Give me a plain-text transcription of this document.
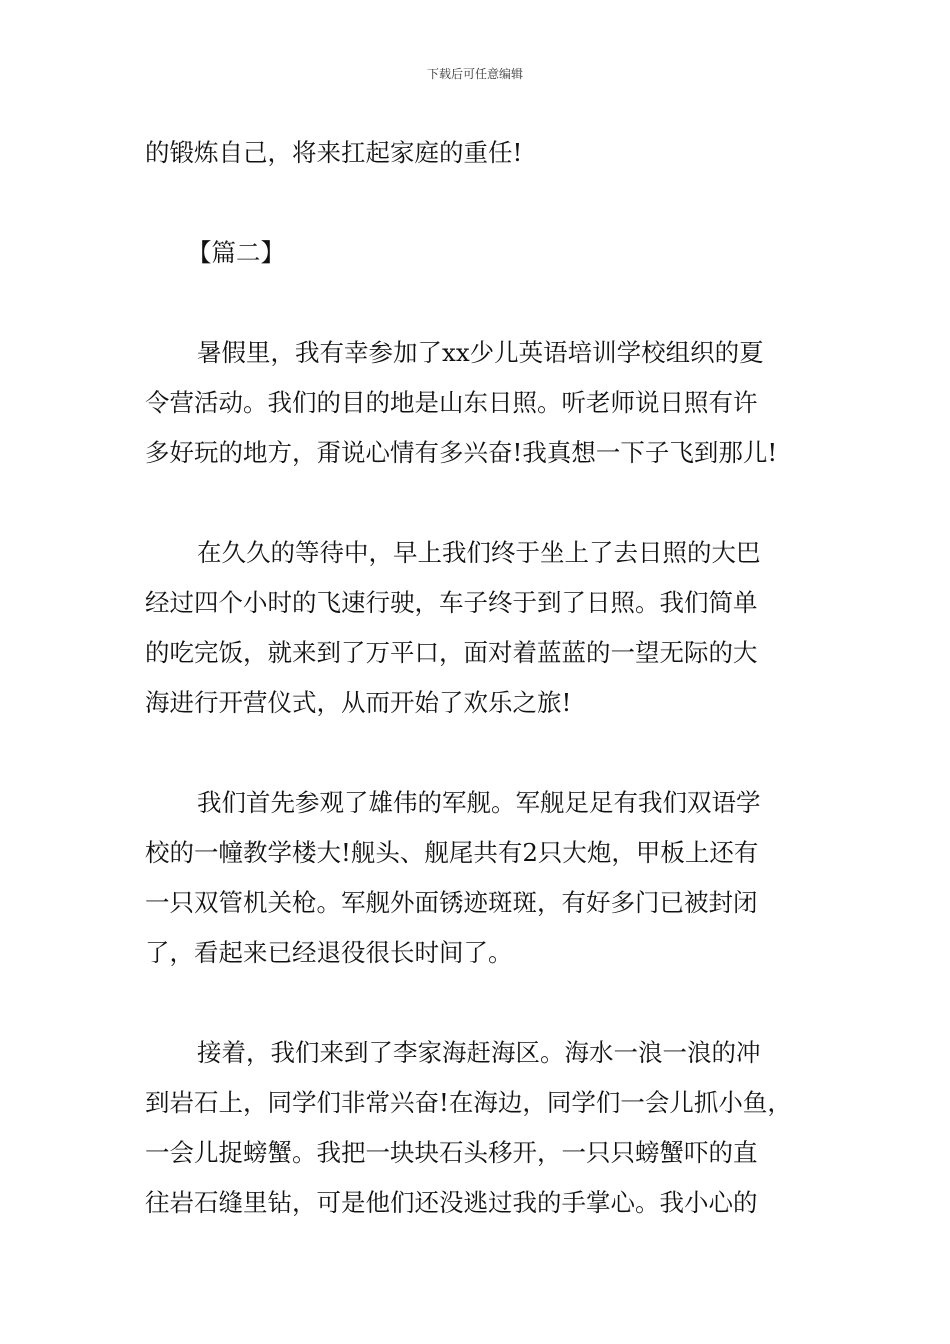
下载后可任意编辑
的锻炼自己，将来扛起家庭的重任!
【篇二】
暑假里，我有幸参加了xx少儿英语培训学校组织的夏
令营活动。我们的目的地是山东日照。听老师说日照有许
多好玩的地方，甭说心情有多兴奋!我真想一下子飞到那儿!
在久久的等待中，早上我们终于坐上了去日照的大巴
经过四个小时的飞速行驶，车子终于到了日照。我们简单
的吃完饭，就来到了万平口，面对着蓝蓝的一望无际的大
海进行开营仪式，从而开始了欢乐之旅!
我们首先参观了雄伟的军舰。军舰足足有我们双语学
校的一幢教学楼大!舰头、舰尾共有2只大炮，甲板上还有
一只双管机关枪。军舰外面锈迹斑斑，有好多门已被封闭
了，看起来已经退役很长时间了。
接着，我们来到了李家海赶海区。海水一浪一浪的冲
到岩石上，同学们非常兴奋!在海边，同学们一会儿抓小鱼，
一会儿捉螃蟹。我把一块块石头移开，一只只螃蟹吓的直
往岩石缝里钻，可是他们还没逃过我的手掌心。我小心的
